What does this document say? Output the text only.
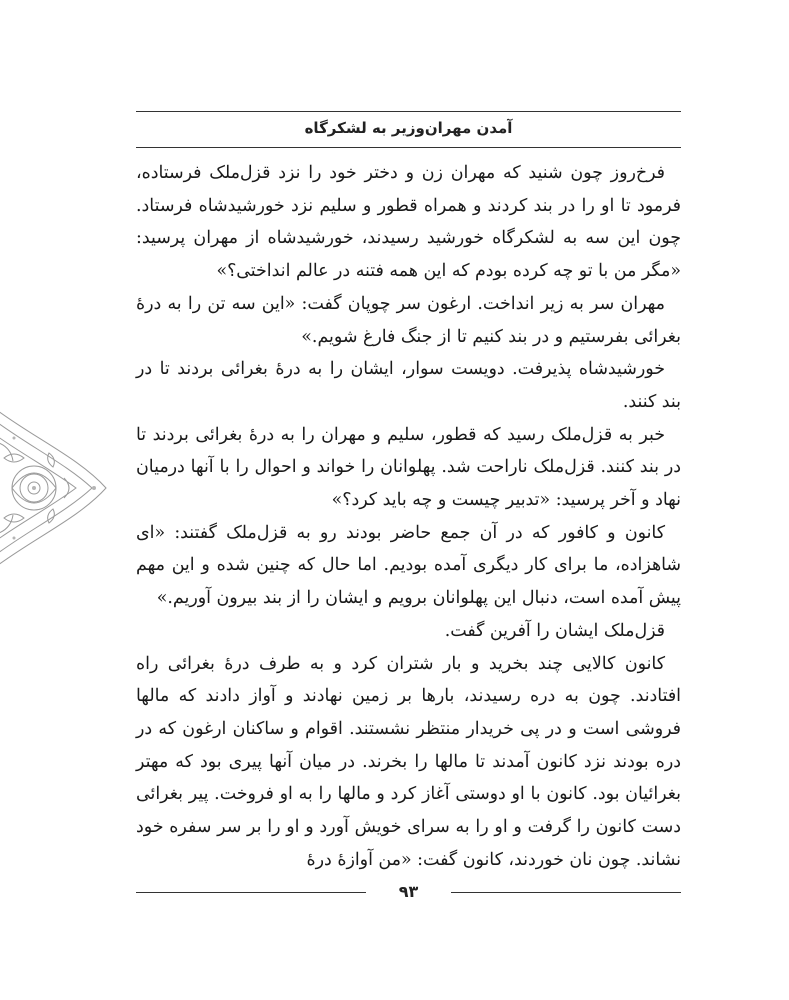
آمدن مهران‌وزیر به لشکرگاه

فرخ‌روز چون شنید که مهران زن و دختر خود را نزد قزل‌ملک فرستاده، فرمود تا او را در بند کردند و همراه قطور و سلیم نزد خورشیدشاه فرستاد. چون این سه به لشکرگاه خورشید رسیدند، خورشیدشاه از مهران پرسید: «مگر من با تو چه کرده بودم که این همه فتنه در عالم انداختی؟»

مهران سر به زیر انداخت. ارغون سر چوپان گفت: «این سه تن را به درهٔ بغرائی بفرستیم و در بند کنیم تا از جنگ فارغ شویم.»

خورشیدشاه پذیرفت. دویست سوار، ایشان را به درهٔ بغرائی بردند تا در بند کنند.

خبر به قزل‌ملک رسید که قطور، سلیم و مهران را به درهٔ بغرائی بردند تا در بند کنند. قزل‌ملک ناراحت شد. پهلوانان را خواند و احوال را با آنها درمیان نهاد و آخر پرسید: «تدبیر چیست و چه باید کرد؟»

کانون و کافور که در آن جمع حاضر بودند رو به قزل‌ملک گفتند: «ای شاهزاده، ما برای کار دیگری آمده بودیم. اما حال که چنین شده و این مهم پیش آمده است، دنبال این پهلوانان برویم و ایشان را از بند بیرون آوریم.»

قزل‌ملک ایشان را آفرین گفت.

کانون کالایی چند بخرید و بار شتران کرد و به طرف درهٔ بغرائی راه افتادند. چون به دره رسیدند، بارها بر زمین نهادند و آواز دادند که مالها فروشی است و در پی خریدار منتظر نشستند. اقوام و ساکنان ارغون که در دره بودند نزد کانون آمدند تا مالها را بخرند. در میان آنها پیری بود که مهتر بغرائیان بود. کانون با او دوستی آغاز کرد و مالها را به او فروخت. پیر بغرائی دست کانون را گرفت و او را به سرای خویش آورد و او را بر سر سفره خود نشاند. چون نان خوردند، کانون گفت: «من آوازهٔ درهٔ

۹۳
